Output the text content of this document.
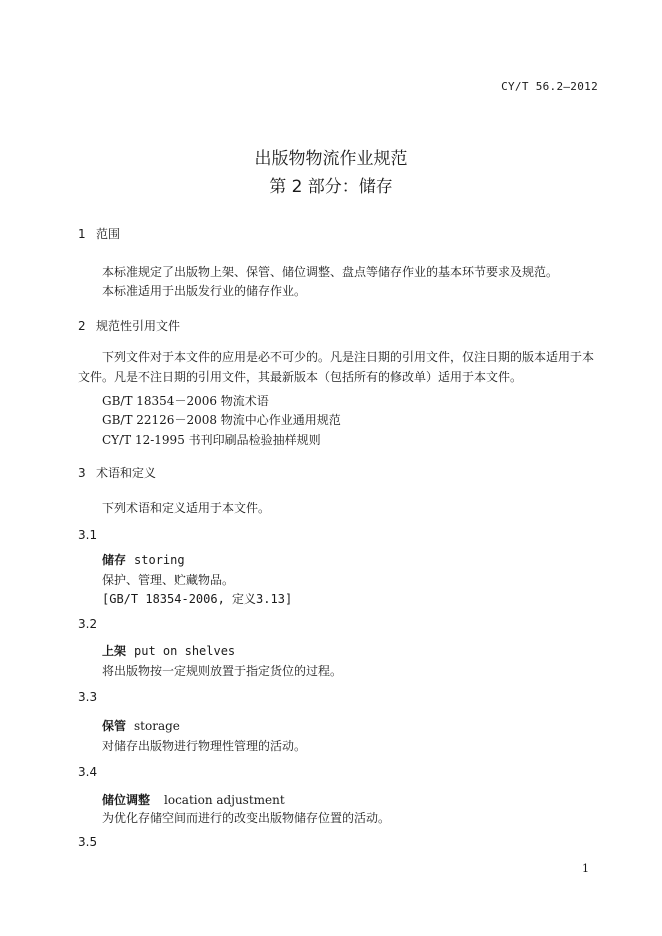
CY/T 56.2—2012
出版物物流作业规范
第 2 部分：储存
1 范围
本标准规定了出版物上架、保管、储位调整、盘点等储存作业的基本环节要求及规范。
本标准适用于出版发行业的储存作业。
2 规范性引用文件
下列文件对于本文件的应用是必不可少的。凡是注日期的引用文件，仅注日期的版本适用于本文件。凡是不注日期的引用文件，其最新版本（包括所有的修改单）适用于本文件。
GB/T 18354－2006 物流术语
GB/T 22126－2008 物流中心作业通用规范
CY/T 12-1995 书刊印刷品检验抽样规则
3 术语和定义
下列术语和定义适用于本文件。
3.1
储存 storing
保护、管理、贮藏物品。
[GB/T 18354-2006, 定义3.13]
3.2
上架 put on shelves
将出版物按一定规则放置于指定货位的过程。
3.3
保管 storage
对储存出版物进行物理性管理的活动。
3.4
储位调整 location adjustment
为优化存储空间而进行的改变出版物储存位置的活动。
3.5
1
